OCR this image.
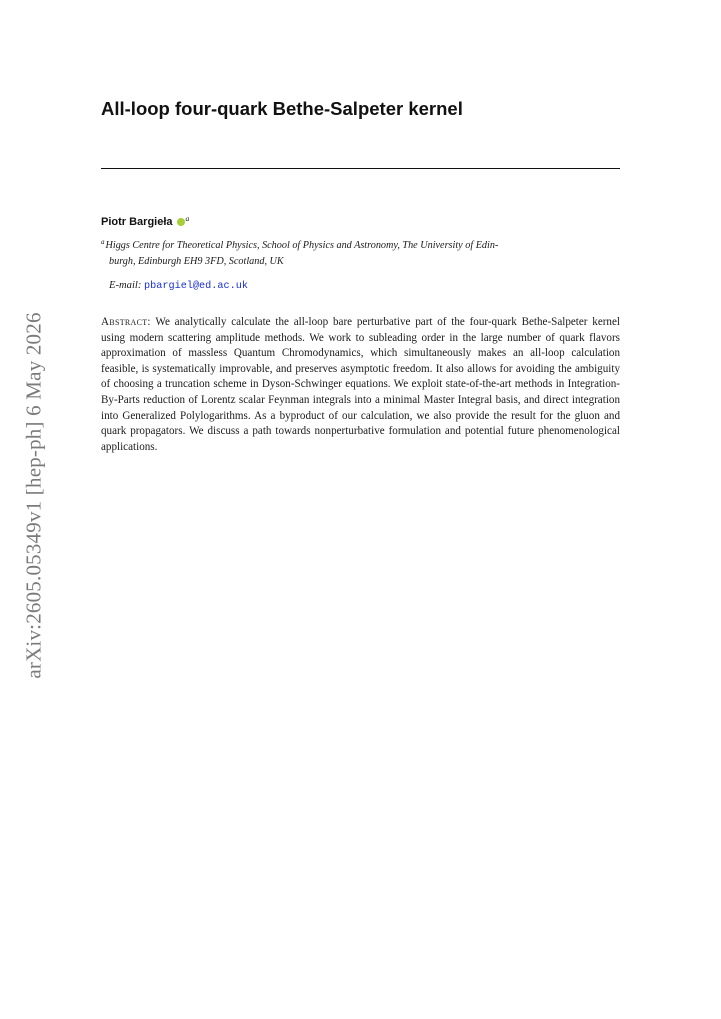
arXiv:2605.05349v1 [hep-ph] 6 May 2026
All-loop four-quark Bethe-Salpeter kernel
Piotr Bargieła a
$^a$Higgs Centre for Theoretical Physics, School of Physics and Astronomy, The University of Edin-
burgh, Edinburgh EH9 3FD, Scotland, UK
E-mail: pbargiel@ed.ac.uk
Abstract: We analytically calculate the all-loop bare perturbative part of the four-quark Bethe-Salpeter kernel using modern scattering amplitude methods. We work to subleading order in the large number of quark flavors approximation of massless Quantum Chromodynamics, which simultaneously makes an all-loop calculation feasible, is systematically improvable, and preserves asymptotic freedom. It also allows for avoiding the ambiguity of choosing a truncation scheme in Dyson-Schwinger equations. We exploit state-of-the-art methods in Integration-By-Parts reduction of Lorentz scalar Feynman integrals into a minimal Master Integral basis, and direct integration into Generalized Polylogarithms. As a byproduct of our calculation, we also provide the result for the gluon and quark propagators. We discuss a path towards nonperturbative formulation and potential future phenomenological applications.
